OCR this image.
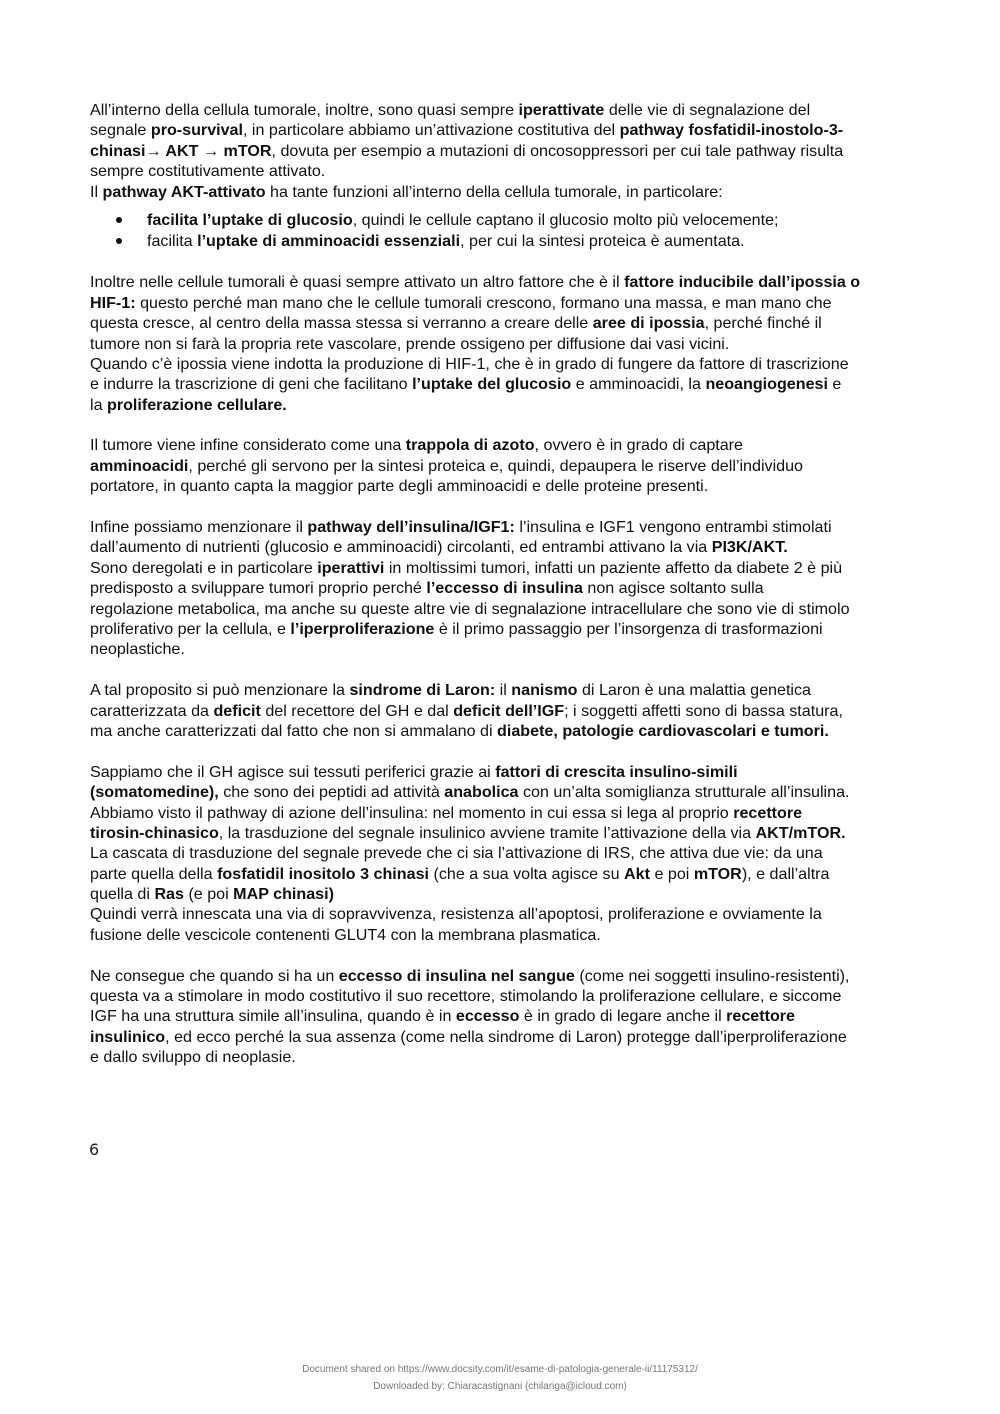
All’interno della cellula tumorale, inoltre, sono quasi sempre iperattivate delle vie di segnalazione del
segnale pro-survival, in particolare abbiamo un’attivazione costitutiva del pathway fosfatidil-inostolo-3-
chinasi→ AKT → mTOR, dovuta per esempio a mutazioni di oncosoppressori per cui tale pathway risulta
sempre costitutivamente attivato.
Il pathway AKT-attivato ha tante funzioni all’interno della cellula tumorale, in particolare:
facilita l’uptake di glucosio, quindi le cellule captano il glucosio molto più velocemente;
facilita l’uptake di amminoacidi essenziali, per cui la sintesi proteica è aumentata.
Inoltre nelle cellule tumorali è quasi sempre attivato un altro fattore che è il fattore inducibile dall’ipossia o
HIF-1: questo perché man mano che le cellule tumorali crescono, formano una massa, e man mano che
questa cresce, al centro della massa stessa si verranno a creare delle aree di ipossia, perché finché il
tumore non si farà la propria rete vascolare, prende ossigeno per diffusione dai vasi vicini.
Quando c’è ipossia viene indotta la produzione di HIF-1, che è in grado di fungere da fattore di trascrizione
e indurre la trascrizione di geni che facilitano l’uptake del glucosio e amminoacidi, la neoangiogenesi e
la proliferazione cellulare.
Il tumore viene infine considerato come una trappola di azoto, ovvero è in grado di captare
amminoacidi, perché gli servono per la sintesi proteica e, quindi, depaupera le riserve dell’individuo
portatore, in quanto capta la maggior parte degli amminoacidi e delle proteine presenti.
Infine possiamo menzionare il pathway dell’insulina/IGF1: l’insulina e IGF1 vengono entrambi stimolati
dall’aumento di nutrienti (glucosio e amminoacidi) circolanti, ed entrambi attivano la via PI3K/AKT.
Sono deregolati e in particolare iperattivi in moltissimi tumori, infatti un paziente affetto da diabete 2 è più
predisposto a sviluppare tumori proprio perché l’eccesso di insulina non agisce soltanto sulla
regolazione metabolica, ma anche su queste altre vie di segnalazione intracellulare che sono vie di stimolo
proliferativo per la cellula, e l’iperproliferazione è il primo passaggio per l’insorgenza di trasformazioni
neoplastiche.
A tal proposito si può menzionare la sindrome di Laron: il nanismo di Laron è una malattia genetica
caratterizzata da deficit del recettore del GH e dal deficit dell’IGF; i soggetti affetti sono di bassa statura,
ma anche caratterizzati dal fatto che non si ammalano di diabete, patologie cardiovascolari e tumori.
Sappiamo che il GH agisce sui tessuti periferici grazie ai fattori di crescita insulino-simili
(somatomedine), che sono dei peptidi ad attività anabolica con un’alta somiglianza strutturale all’insulina.
Abbiamo visto il pathway di azione dell’insulina: nel momento in cui essa si lega al proprio recettore
tirosin-chinasico, la trasduzione del segnale insulinico avviene tramite l’attivazione della via AKT/mTOR.
La cascata di trasduzione del segnale prevede che ci sia l’attivazione di IRS, che attiva due vie: da una
parte quella della fosfatidil inositolo 3 chinasi (che a sua volta agisce su Akt e poi mTOR), e dall’altra
quella di Ras (e poi MAP chinasi)
Quindi verrà innescata una via di sopravvivenza, resistenza all’apoptosi, proliferazione e ovviamente la
fusione delle vescicole contenenti GLUT4 con la membrana plasmatica.
Ne consegue che quando si ha un eccesso di insulina nel sangue (come nei soggetti insulino-resistenti),
questa va a stimolare in modo costitutivo il suo recettore, stimolando la proliferazione cellulare, e siccome
IGF ha una struttura simile all’insulina, quando è in eccesso è in grado di legare anche il recettore
insulinico, ed ecco perché la sua assenza (come nella sindrome di Laron) protegge dall’iperproliferazione
e dallo sviluppo di neoplasie.
6
Document shared on https://www.docsity.com/it/esame-di-patologia-generale-ii/11175312/
Downloaded by: Chiaracastignani (chilariga@icloud.com)
